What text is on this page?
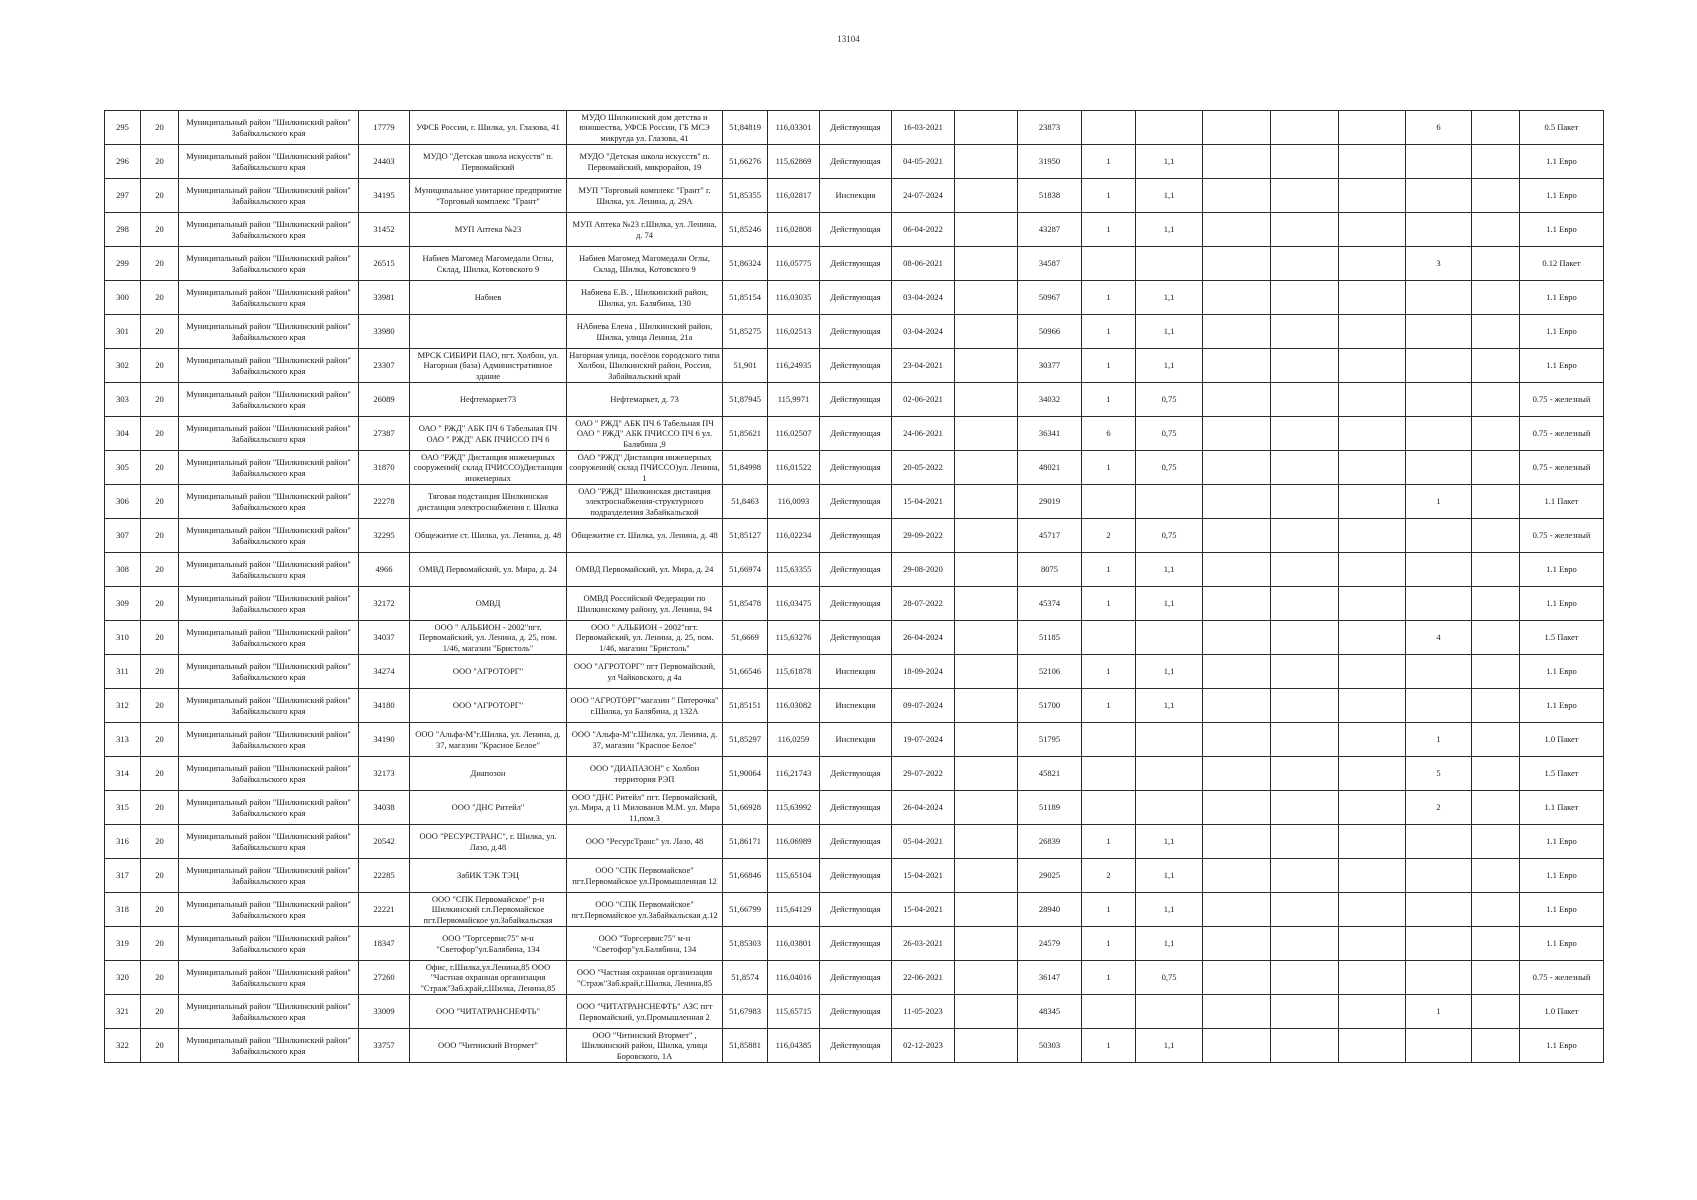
13104
295	20	Муниципальный район "Шилкинский район" Забайкальского края	17779	УФСБ России, г. Шилка, ул. Глазова, 41	МУДО Шилкинский дом детства и юношества, УФСБ России, ГБ МСЭ микругда ул. Глазова, 41	51,84819	116,03301	Действующая	16-03-2021		23873						6		0.5 Пакет

296	20	Муниципальный район "Шилкинский район" Забайкальского края	24403	МУДО "Детская школа искусств" п. Первомайский	МУДО "Детская школа искусств" п. Первомайский, микрорайон, 19	51,66276	115,62869	Действующая	04-05-2021		31950	1	1,1						1.1 Евро

297	20	Муниципальный район "Шилкинский район" Забайкальского края	34195	Муниципальное унитарное предприятие "Торговый комплекс "Грант"	МУП "Торговый комплекс "Грант" г. Шилка, ул. Ленина, д. 29А	51,85355	116,02817	Инспекция	24-07-2024		51838	1	1,1						1.1 Евро

298	20	Муниципальный район "Шилкинский район" Забайкальского края	31452	МУП Аптека №23	МУП Аптека №23 г.Шилка, ул. Ленина, д. 74	51,85246	116,02808	Действующая	06-04-2022		43287	1	1,1						1.1 Евро

299	20	Муниципальный район "Шилкинский район" Забайкальского края	26515	Набиев Магомед Магомедали Оглы, Склад, Шилка, Котовского 9	Набиев Магомед Магомедали Оглы, Склад, Шилка, Котовского 9	51,86324	116,05775	Действующая	08-06-2021		34587						3		0.12 Пакет

300	20	Муниципальный район "Шилкинский район" Забайкальского края	33981	Набиев	Набиева Е.В. , Шилкинский район, Шилка, ул. Балябина, 130	51,85154	116,03035	Действующая	03-04-2024		50967	1	1,1						1.1 Евро

301	20	Муниципальный район "Шилкинский район" Забайкальского края	33980		НАбиева Елена , Шилкинский район, Шилка, улица Ленина, 21а	51,85275	116,02513	Действующая	03-04-2024		50966	1	1,1						1.1 Евро

302	20	Муниципальный район "Шилкинский район" Забайкальского края	23307	МРСК СИБИРИ ПАО, пгт. Холбон, ул. Нагорная (база) Административное здание	Нагорная улица, посёлок городского типа Холбон, Шилкинский район, Россия, Забайкальский край	51,901	116,24935	Действующая	23-04-2021		30377	1	1,1						1.1 Евро

303	20	Муниципальный район "Шилкинский район" Забайкальского края	26089	Нефтемаркет73	Нефтемаркет, д. 73	51,87945	115,9971	Действующая	02-06-2021		34032	1	0,75						0.75 - железный

304	20	Муниципальный район "Шилкинский район" Забайкальского края	27387	ОАО " РЖД" АБК ПЧ 6 Табельная ПЧ ОАО " РЖД" АБК ПЧИССО ПЧ 6	ОАО " РЖД" АБК ПЧ 6 Табельная ПЧ ОАО " РЖД" АБК ПЧИССО ПЧ 6 ул. Балябина ,9	51,85621	116,02507	Действующая	24-06-2021		36341	6	0,75						0.75 - железный

305	20	Муниципальный район "Шилкинский район" Забайкальского края	31870	ОАО "РЖД" Дистанция инженерных сооружений( склад ПЧИССО)Дистанция инженерных	ОАО "РЖД" Дистанция инженерных сооружений( склад ПЧИССО)ул. Ленина, 1	51,84998	116,01522	Действующая	20-05-2022		48021	1	0,75						0.75 - железный

306	20	Муниципальный район "Шилкинский район" Забайкальского края	22278	Тяговая подстанция Шилкинская дистанция электроснабжения г. Шилка	ОАО "РЖД" Шилкинская дистанция электроснабжения-структурного подразделения Забайкальской	51,8463	116,0093	Действующая	15-04-2021		29019						1		1.1 Пакет

307	20	Муниципальный район "Шилкинский район" Забайкальского края	32295	Общежитие ст. Шилка, ул. Ленина, д. 48	Общежитие ст. Шилка, ул. Ленина, д. 48	51,85127	116,02234	Действующая	29-09-2022		45717	2	0,75						0.75 - железный

308	20	Муниципальный район "Шилкинский район" Забайкальского края	4966	ОМВД Первомайский, ул. Мира, д. 24	ОМВД Первомайский, ул. Мира, д. 24	51,66974	115,63355	Действующая	29-08-2020		8075	1	1,1						1.1 Евро

309	20	Муниципальный район "Шилкинский район" Забайкальского края	32172	ОМВД	ОМВД Российской Федерации по Шилкинскому району, ул. Ленина, 94	51,85478	116,03475	Действующая	28-07-2022		45374	1	1,1						1.1 Евро

310	20	Муниципальный район "Шилкинский район" Забайкальского края	34037	ООО " АЛЬБИОН - 2002"пгт. Первомайский, ул. Ленина, д. 25, пом. 1/46, магазин "Бристоль"	ООО " АЛЬБИОН - 2002"пгт. Первомайский, ул. Ленина, д. 25, пом. 1/46, магазин "Бристоль"	51,6669	115,63276	Действующая	26-04-2024		51185						4		1.5 Пакет

311	20	Муниципальный район "Шилкинский район" Забайкальского края	34274	ООО "АГРОТОРГ"	ООО "АГРОТОРГ" пгт Первомайский, ул Чайковского, д 4а	51,66546	115,61878	Инспекция	18-09-2024		52106	1	1,1						1.1 Евро

312	20	Муниципальный район "Шилкинский район" Забайкальского края	34180	ООО "АГРОТОРГ"	ООО "АГРОТОРГ"магазин " Пятерочка" г.Шилка, ул Балябина, д 132А	51,85151	116,03082	Инспекция	09-07-2024		51700	1	1,1						1.1 Евро

313	20	Муниципальный район "Шилкинский район" Забайкальского края	34190	ООО "Альфа-М"г.Шилка, ул. Ленина, д. 37, магазин "Красное Белое"	ООО "Альфа-М"г.Шилка, ул. Ленина, д. 37, магазин "Красное Белое"	51,85297	116,0259	Инспекция	19-07-2024		51795						1		1.0 Пакет

314	20	Муниципальный район "Шилкинский район" Забайкальского края	32173	Диапозон	ООО "ДИАПАЗОН" с Холбон территория РЭП	51,90064	116,21743	Действующая	29-07-2022		45821						5		1.5 Пакет

315	20	Муниципальный район "Шилкинский район" Забайкальского края	34038	ООО "ДНС Ритейл"	ООО "ДНС Ритейл" пгт. Первомайский, ул. Мира, д 11 Милованов М.М. ул. Мира 11,пом.3	51,66928	115,63992	Действующая	26-04-2024		51189						2		1.1 Пакет

316	20	Муниципальный район "Шилкинский район" Забайкальского края	20542	ООО "РЕСУРСТРАНС", г. Шилка, ул. Лазо, д.48	ООО "РесурсТранс" ул. Лазо, 48	51,86171	116,06989	Действующая	05-04-2021		26839	1	1,1						1.1 Евро

317	20	Муниципальный район "Шилкинский район" Забайкальского края	22285	ЗабИК ТЭК ТЭЦ	ООО "СПК Первомайское" пгт.Первомайское ул.Промышленная 12	51,66846	115,65104	Действующая	15-04-2021		29025	2	1,1						1.1 Евро

318	20	Муниципальный район "Шилкинский район" Забайкальского края	22221	ООО "СПК Первомайское" р-н Шилкинский г.п.Первомайское пгт.Первомайское ул.Забайкальская	ООО "СПК Первомайское" пгт.Первомайское ул.Забайкальская д.12	51,66799	115,64129	Действующая	15-04-2021		28940	1	1,1						1.1 Евро

319	20	Муниципальный район "Шилкинский район" Забайкальского края	18347	ООО "Торгсервис75" м-н "Светофор"ул.Балябина, 134	ООО "Торгсервис75" м-н "Светофор"ул.Балябина, 134	51,85303	116,03801	Действующая	26-03-2021		24579	1	1,1						1.1 Евро

320	20	Муниципальный район "Шилкинский район" Забайкальского края	27260	Офис, г.Шилка,ул.Ленина,85 ООО "Частная охранная организация "Страж"Заб.край,г.Шилка, Ленина,85	ООО "Частная охранная организация "Страж"Заб.край,г.Шилка, Ленина,85	51,8574	116,04016	Действующая	22-06-2021		36147	1	0,75						0.75 - железный

321	20	Муниципальный район "Шилкинский район" Забайкальского края	33009	ООО "ЧИТАТРАНСНЕФТЬ"	ООО "ЧИТАТРАНСНЕФТЬ" АЗС пгт Первомайский, ул.Промышленная 2	51,67983	115,65715	Действующая	11-05-2023		48345						1		1.0 Пакет

322	20	Муниципальный район "Шилкинский район" Забайкальского края	33757	ООО "Читинский Втормет"	ООО "Читинский Втормет" , Шилкинский район, Шилка, улица Боровского, 1А	51,85881	116,04385	Действующая	02-12-2023		50303	1	1,1						1.1 Евро
